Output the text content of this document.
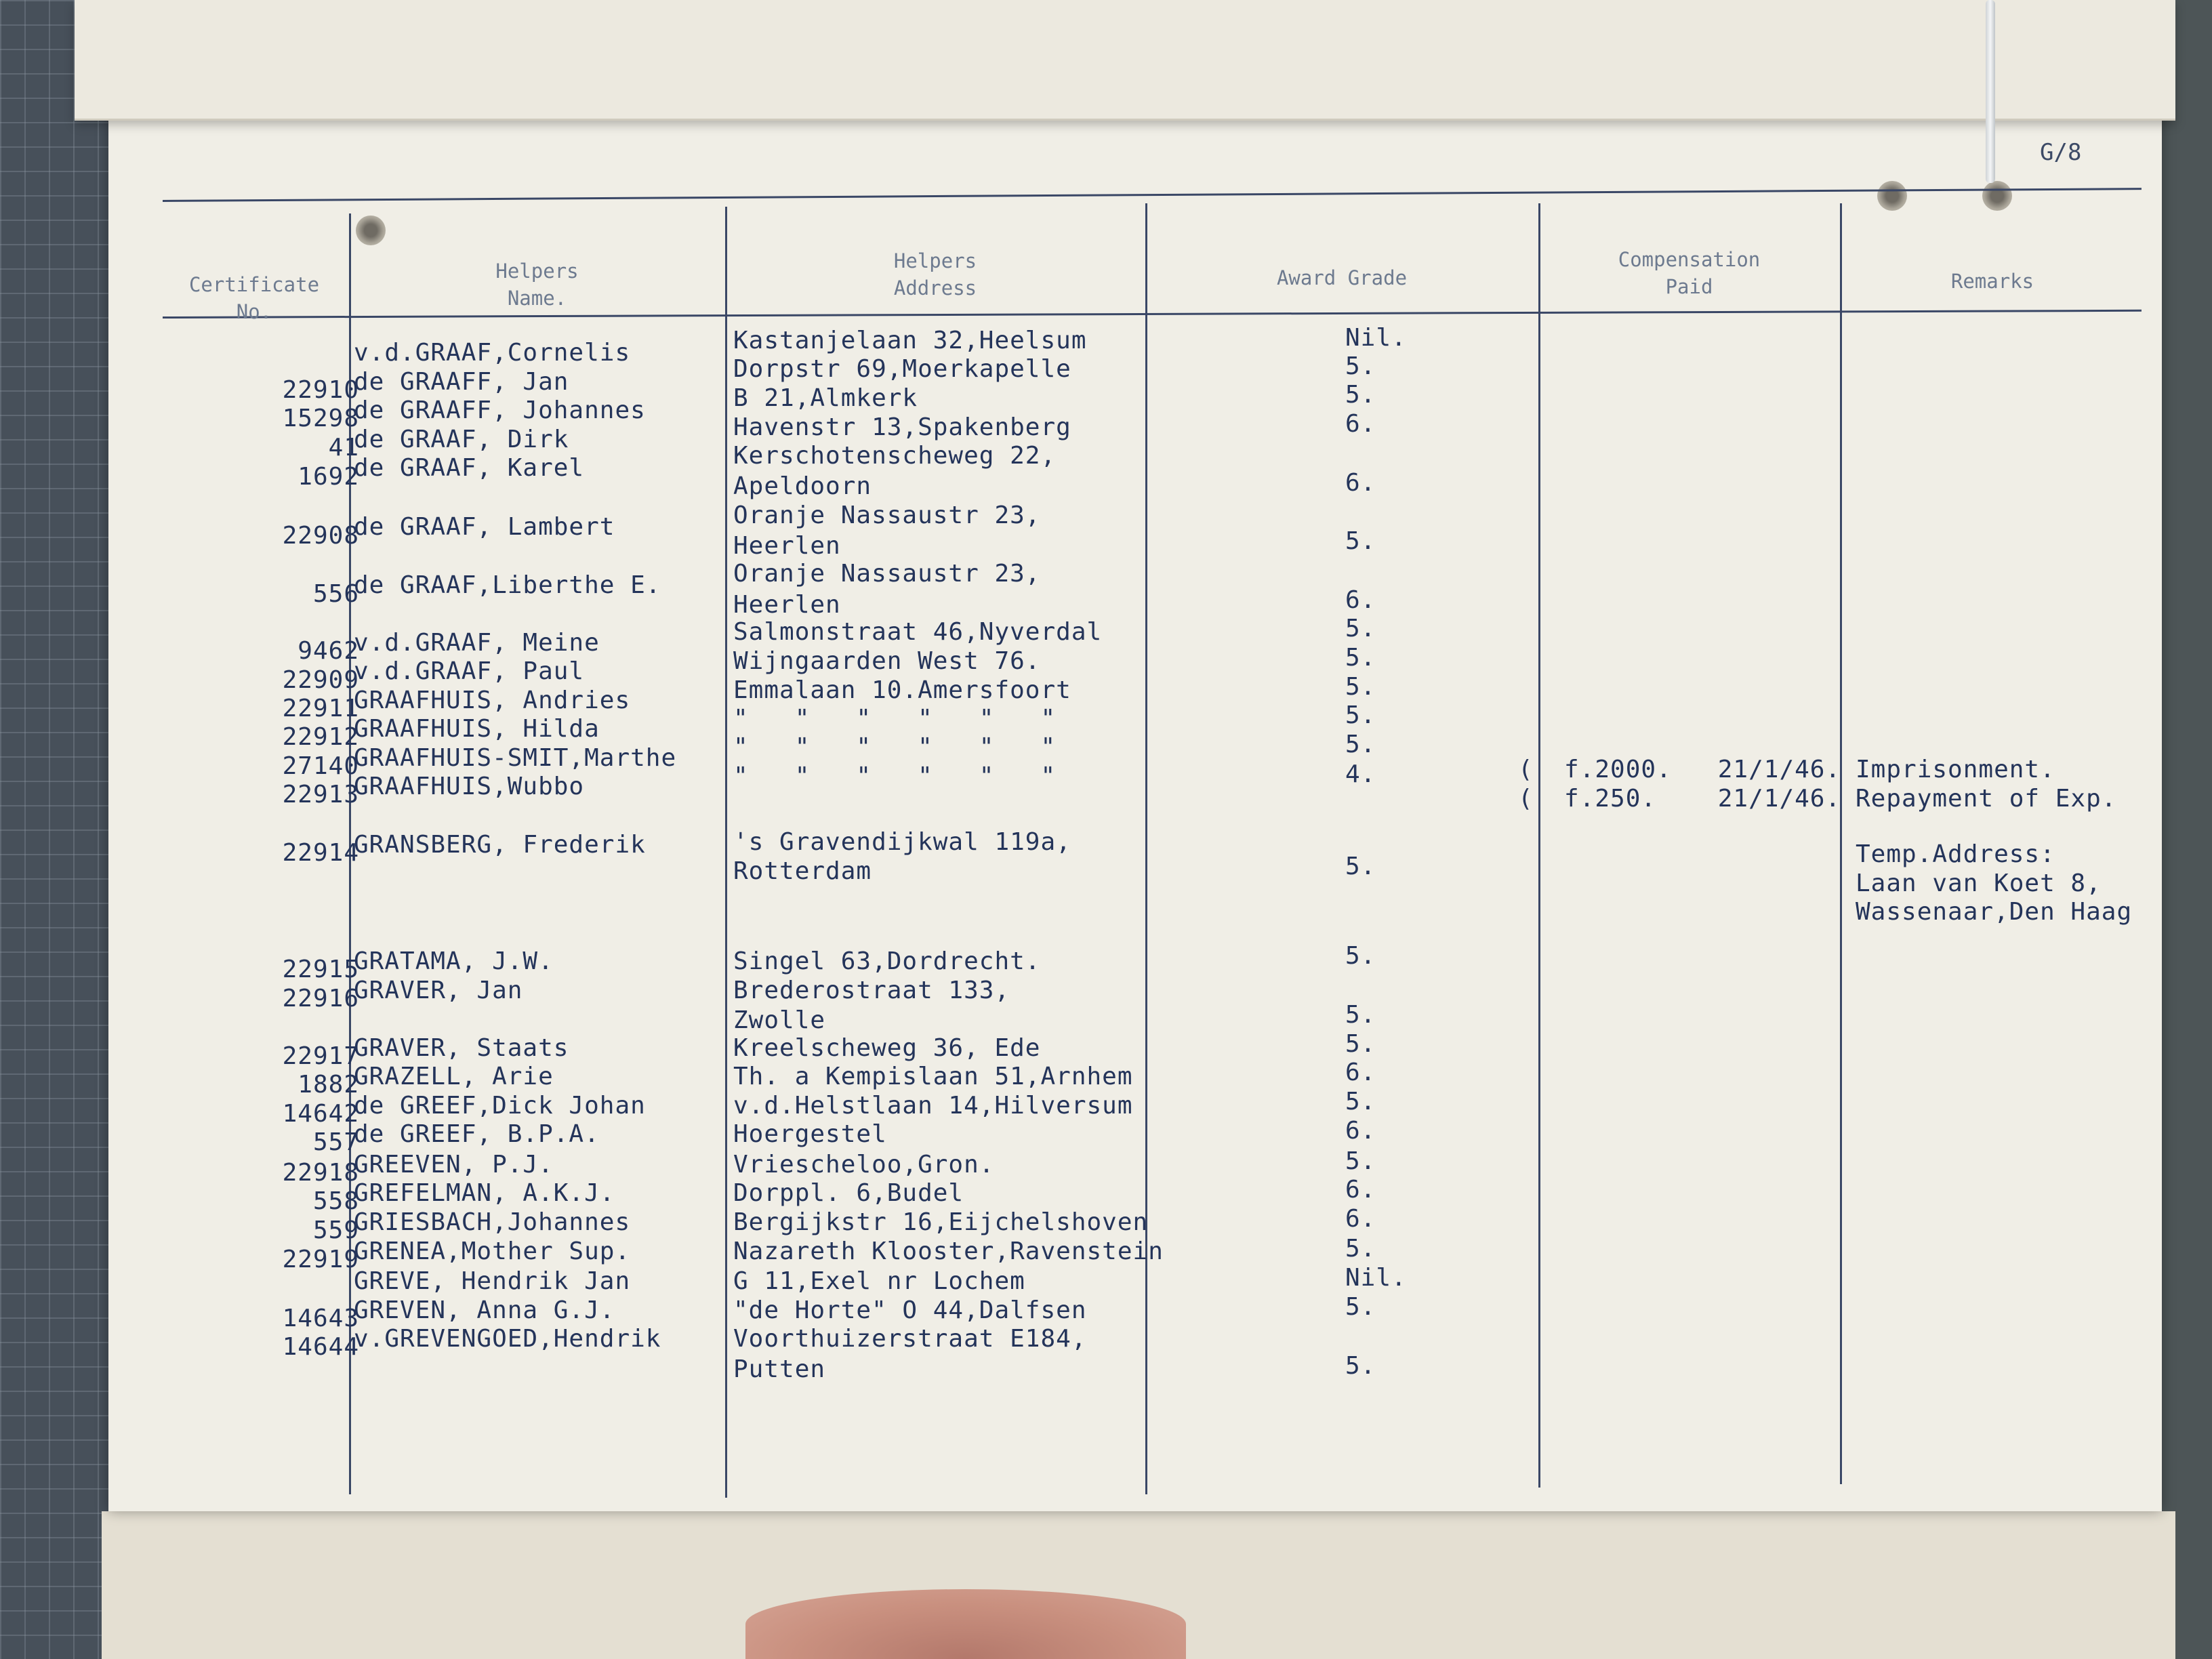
G/8
Certificate
No.
Helpers
Name.
Helpers
Address	Award Grade
Compensation
Paid	Remarks
22910
15298
41
1692
22908
556
9462
22909
22911
22912
27140
22913
22914
22915
22916
22917
1882
14642
557
22918
558
559
22919
14643
14644
v.d.GRAAF,Cornelis
de GRAAFF, Jan
de GRAAFF, Johannes
de GRAAF, Dirk
de GRAAF, Karel
de GRAAF, Lambert
de GRAAF,Liberthe E.
v.d.GRAAF, Meine
v.d.GRAAF, Paul
GRAAFHUIS, Andries
GRAAFHUIS, Hilda
GRAAFHUIS-SMIT,Marthe
GRAAFHUIS,Wubbo
GRANSBERG, Frederik
GRATAMA, J.W.
GRAVER, Jan
GRAVER, Staats
GRAZELL, Arie
de GREEF,Dick Johan
de GREEF, B.P.A.
GREEVEN, P.J.
GREFELMAN, A.K.J.
GRIESBACH,Johannes
GRENEA,Mother Sup.
GREVE, Hendrik Jan
GREVEN, Anna G.J.
v.GREVENGOED,Hendrik
Kastanjelaan 32,Heelsum
Dorpstr 69,Moerkapelle
B 21,Almkerk
Havenstr 13,Spakenberg
Kerschotenscheweg 22,
Apeldoorn
Oranje Nassaustr 23,
Heerlen
Oranje Nassaustr 23,
Heerlen
Salmonstraat 46,Nyverdal
Wijngaarden West 76.
Emmalaan 10.Amersfoort
"   "   "   "   "   "
"   "   "   "   "   "
"   "   "   "   "   "
's Gravendijkwal 119a,
Rotterdam
Singel 63,Dordrecht.
Brederostraat 133,
Zwolle
Kreelscheweg 36, Ede
Th. a Kempislaan 51,Arnhem
v.d.Helstlaan 14,Hilversum
Hoergestel
Vriescheloo,Gron.
Dorppl. 6,Budel
Bergijkstr 16,Eijchelshoven
Nazareth Klooster,Ravenstein
G 11,Exel nr Lochem
"de Horte" O 44,Dalfsen
Voorthuizerstraat E184,
Putten
Nil.
5.
5.
6.
6.
5.
6.
5.
5.
5.
5.
5.
4.
5.
5.
5.
5.
6.
5.
6.
5.
6.
6.
5.
Nil.
5.
5.
(  f.2000.   21/1/46.
(  f.250.    21/1/46.
Imprisonment.
Repayment of Exp.
Temp.Address:
Laan van Koet 8,
Wassenaar,Den Haag
